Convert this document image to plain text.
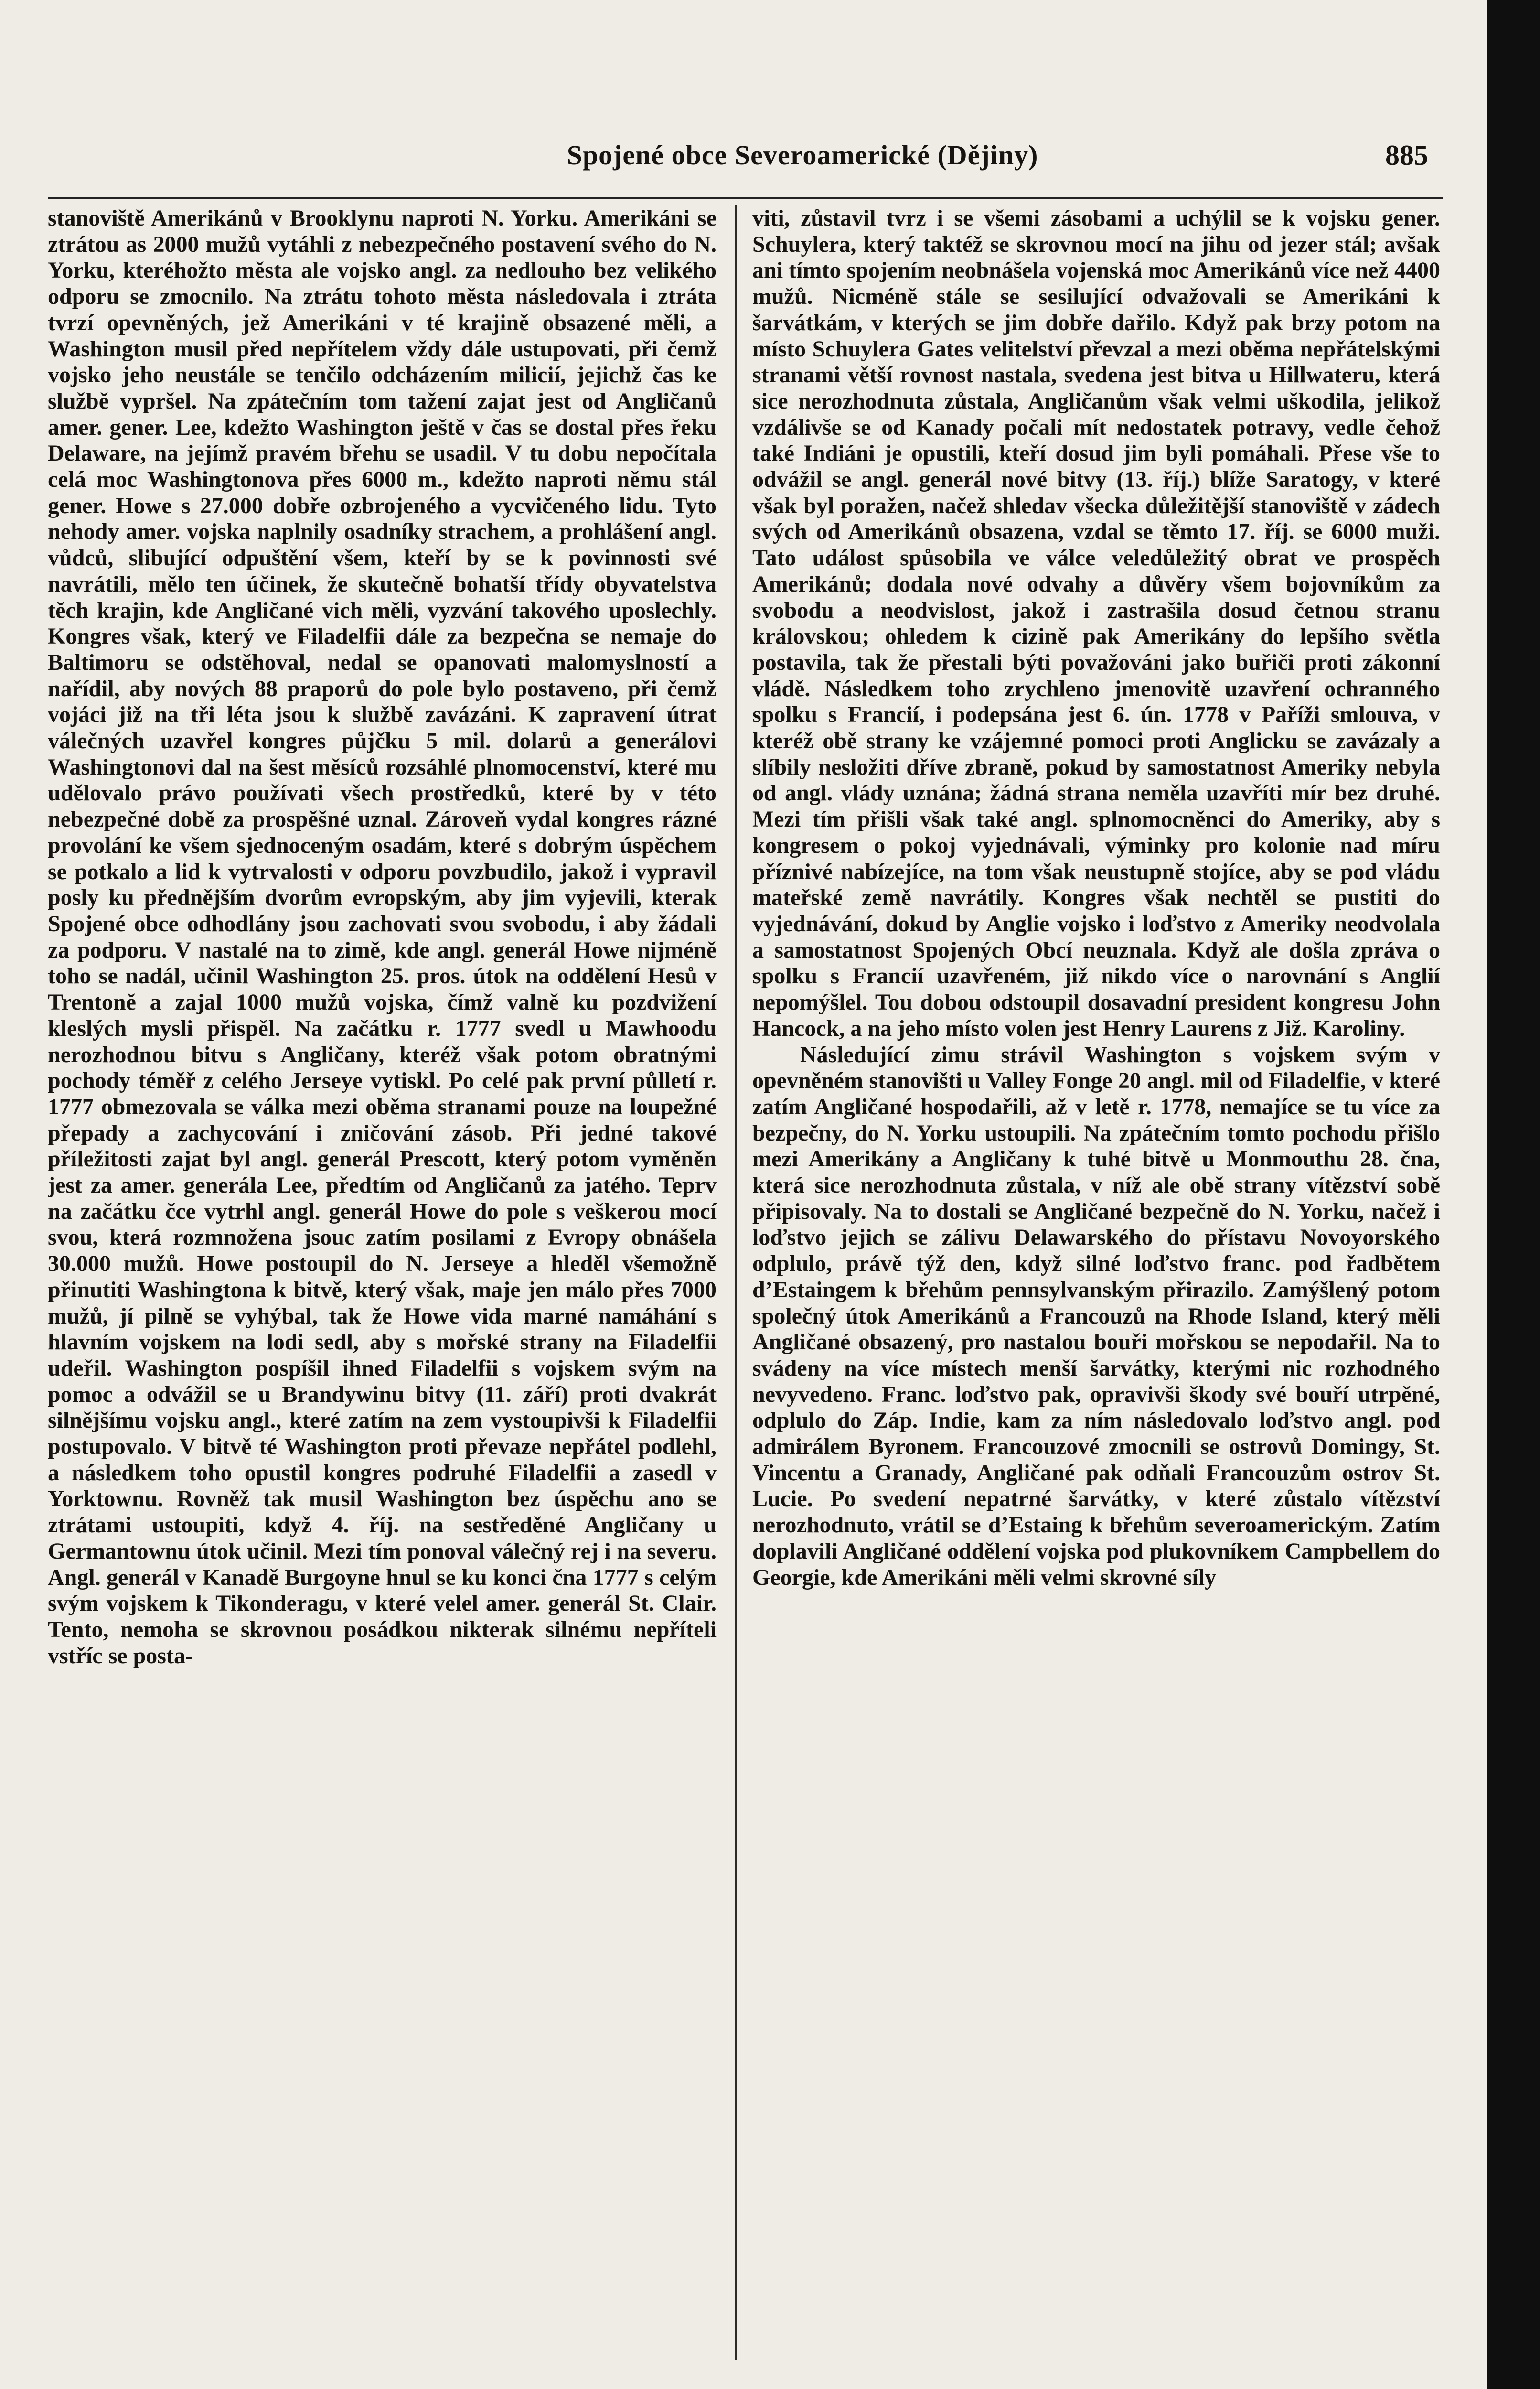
Spojené obce Severoamerické (Dějiny)	885

stanoviště Amerikánů v Brooklynu naproti N. Yorku. Amerikáni se ztrátou as 2000 mužů vytáhli z nebezpečného postavení svého do N. Yorku, kteréhožto města ale vojsko angl. za nedlouho bez velikého odporu se zmocnilo. Na ztrátu tohoto města následovala i ztráta tvrzí opevněných, jež Amerikáni v té krajině obsazené měli, a Washington musil před nepřítelem vždy dále ustupovati, při čemž vojsko jeho neustále se tenčilo odcházením milicií, jejichž čas ke službě vypršel. Na zpátečním tom tažení zajat jest od Angličanů amer. gener. Lee, kdežto Washington ještě v čas se dostal přes řeku Delaware, na jejímž pravém břehu se usadil. V tu dobu nepočítala celá moc Washingtonova přes 6000 m., kdežto naproti němu stál gener. Howe s 27.000 dobře ozbrojeného a vycvičeného lidu. Tyto nehody amer. vojska naplnily osadníky strachem, a prohlášení angl. vůdců, slibující odpuštění všem, kteří by se k povinnosti své navrátili, mělo ten účinek, že skutečně bohatší třídy obyvatelstva těch krajin, kde Angličané vich měli, vyzvání takového uposlechly. Kongres však, který ve Filadelfii dále za bezpečna se nemaje do Baltimoru se odstěhoval, nedal se opanovati malomyslností a nařídil, aby nových 88 praporů do pole bylo postaveno, při čemž vojáci již na tři léta jsou k službě zavázáni. K zapravení útrat válečných uzavřel kongres půjčku 5 mil. dolarů a generálovi Washingtonovi dal na šest měsíců rozsáhlé plnomocenství, které mu udělovalo právo používati všech prostředků, které by v této nebezpečné době za prospěšné uznal. Zároveň vydal kongres rázné provolání ke všem sjednoceným osadám, které s dobrým úspěchem se potkalo a lid k vytrvalosti v odporu povzbudilo, jakož i vypravil posly ku přednějším dvorům evropským, aby jim vyjevili, kterak Spojené obce odhodlány jsou zachovati svou svobodu, i aby žádali za podporu. V nastalé na to zimě, kde angl. generál Howe nijméně toho se nadál, učinil Washington 25. pros. útok na oddělení Hesů v Trentoně a zajal 1000 mužů vojska, čímž valně ku pozdvižení kleslých mysli přispěl. Na začátku r. 1777 svedl u Mawhoodu nerozhodnou bitvu s Angličany, kteréž však potom obratnými pochody téměř z celého Jerseye vytiskl. Po celé pak první půlletí r. 1777 obmezovala se válka mezi oběma stranami pouze na loupežné přepady a zachycování i zničování zásob. Při jedné takové příležitosti zajat byl angl. generál Prescott, který potom vyměněn jest za amer. generála Lee, předtím od Angličanů za jatého. Teprv na začátku čce vytrhl angl. generál Howe do pole s veškerou mocí svou, která rozmnožena jsouc zatím posilami z Evropy obnášela 30.000 mužů. Howe postoupil do N. Jerseye a hleděl všemožně přinutiti Washingtona k bitvě, který však, maje jen málo přes 7000 mužů, jí pilně se vyhýbal, tak že Howe vida marné namáhání s hlavním vojskem na lodi sedl, aby s mořské strany na Filadelfii udeřil. Washington pospíšil ihned Filadelfii s vojskem svým na pomoc a odvážil se u Brandywinu bitvy (11. září) proti dvakrát silnějšímu vojsku angl., které zatím na zem vystoupivši k Filadelfii postupovalo. V bitvě té Washington proti převaze nepřátel podlehl, a následkem toho opustil kongres podruhé Filadelfii a zasedl v Yorktownu. Rovněž tak musil Washington bez úspěchu ano se ztrátami ustoupiti, když 4. říj. na sestředěné Angličany u Germantownu útok učinil. Mezi tím ponoval válečný rej i na severu. Angl. generál v Kanadě Burgoyne hnul se ku konci čna 1777 s celým svým vojskem k Tikonderagu, v které velel amer. generál St. Clair. Tento, nemoha se skrovnou posádkou nikterak silnému nepříteli vstříc se posta-

viti, zůstavil tvrz i se všemi zásobami a uchýlil se k vojsku gener. Schuylera, který taktéž se skrovnou mocí na jihu od jezer stál; avšak ani tímto spojením neobnášela vojenská moc Amerikánů více než 4400 mužů. Nicméně stále se sesilující odvažovali se Amerikáni k šarvátkám, v kterých se jim dobře dařilo. Když pak brzy potom na místo Schuylera Gates velitelství převzal a mezi oběma nepřátelskými stranami větší rovnost nastala, svedena jest bitva u Hillwateru, která sice nerozhodnuta zůstala, Angličanům však velmi uškodila, jelikož vzdálivše se od Kanady počali mít nedostatek potravy, vedle čehož také Indiáni je opustili, kteří dosud jim byli pomáhali. Přese vše to odvážil se angl. generál nové bitvy (13. říj.) blíže Saratogy, v které však byl poražen, načež shledav všecka důležitější stanoviště v zádech svých od Amerikánů obsazena, vzdal se těmto 17. říj. se 6000 muži. Tato událost spůsobila ve válce veledůležitý obrat ve prospěch Amerikánů; dodala nové odvahy a důvěry všem bojovníkům za svobodu a neodvislost, jakož i zastrašila dosud četnou stranu královskou; ohledem k cizině pak Amerikány do lepšího světla postavila, tak že přestali býti považováni jako buřiči proti zákonní vládě. Následkem toho zrychleno jmenovitě uzavření ochranného spolku s Francií, i podepsána jest 6. ún. 1778 v Paříži smlouva, v kteréž obě strany ke vzájemné pomoci proti Anglicku se zavázaly a slíbily nesložiti dříve zbraně, pokud by samostatnost Ameriky nebyla od angl. vlády uznána; žádná strana neměla uzavříti mír bez druhé. Mezi tím přišli však také angl. splnomocněnci do Ameriky, aby s kongresem o pokoj vyjednávali, výminky pro kolonie nad míru příznivé nabízejíce, na tom však neustupně stojíce, aby se pod vládu mateřské země navrátily. Kongres však nechtěl se pustiti do vyjednávání, dokud by Anglie vojsko i loďstvo z Ameriky neodvolala a samostatnost Spojených Obcí neuznala. Když ale došla zpráva o spolku s Francií uzavřeném, již nikdo více o narovnání s Anglií nepomýšlel. Tou dobou odstoupil dosavadní president kongresu John Hancock, a na jeho místo volen jest Henry Laurens z Již. Karoliny.

Následující zimu strávil Washington s vojskem svým v opevněném stanovišti u Valley Fonge 20 angl. mil od Filadelfie, v které zatím Angličané hospodařili, až v letě r. 1778, nemajíce se tu více za bezpečny, do N. Yorku ustoupili. Na zpátečním tomto pochodu přišlo mezi Amerikány a Angličany k tuhé bitvě u Monmouthu 28. čna, která sice nerozhodnuta zůstala, v níž ale obě strany vítězství sobě připisovaly. Na to dostali se Angličané bezpečně do N. Yorku, načež i loďstvo jejich se zálivu Delawarského do přístavu Novoyorského odplulo, právě týž den, když silné loďstvo franc. pod řadbětem d’Estaingem k břehům pennsylvanským přirazilo. Zamýšlený potom společný útok Amerikánů a Francouzů na Rhode Island, který měli Angličané obsazený, pro nastalou bouři mořskou se nepodařil. Na to svádeny na více místech menší šarvátky, kterými nic rozhodného nevyvedeno. Franc. loďstvo pak, opravivši škody své bouří utrpěné, odplulo do Záp. Indie, kam za ním následovalo loďstvo angl. pod admirálem Byronem. Francouzové zmocnili se ostrovů Domingy, St. Vincentu a Granady, Angličané pak odňali Francouzům ostrov St. Lucie. Po svedení nepatrné šarvátky, v které zůstalo vítězství nerozhodnuto, vrátil se d’Estaing k břehům severoamerickým. Zatím doplavili Angličané oddělení vojska pod plukovníkem Campbellem do Georgie, kde Amerikáni měli velmi skrovné síly
